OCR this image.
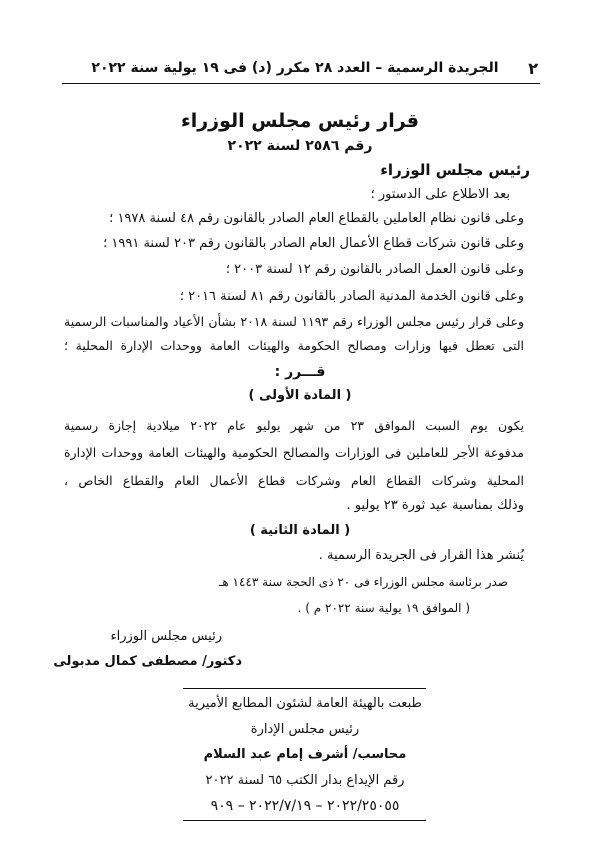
٢
الجريدة الرسمية – العدد ٢٨ مكرر (د) فى ١٩ يولية سنة ٢٠٢٢
قرار رئيس مجلس الوزراء
رقم ٢٥٨٦ لسنة ٢٠٢٢
رئيس مجلس الوزراء
بعد الاطلاع على الدستور ؛
وعلى قانون نظام العاملين بالقطاع العام الصادر بالقانون رقم ٤٨ لسنة ١٩٧٨ ؛
وعلى قانون شركات قطاع الأعمال العام الصادر بالقانون رقم ٢٠٣ لسنة ١٩٩١ ؛
وعلى قانون العمل الصادر بالقانون رقم ١٢ لسنة ٢٠٠٣ ؛
وعلى قانون الخدمة المدنية الصادر بالقانون رقم ٨١ لسنة ٢٠١٦ ؛
وعلى قرار رئيس مجلس الوزراء رقم ١١٩٣ لسنة ٢٠١٨ بشأن الأعياد والمناسبات الرسمية
التى تعطل فيها وزارات ومصالح الحكومة والهيئات العامة ووحدات الإدارة المحلية ؛
قـــرر :
( المادة الأولى )
يكون يوم السبت الموافق ٢٣ من شهر يوليو عام ٢٠٢٢ ميلادية إجازة رسمية
مدفوعة الأجر للعاملين فى الوزارات والمصالح الحكومية والهيئات العامة ووحدات الإدارة
المحلية وشركات القطاع العام وشركات قطاع الأعمال العام والقطاع الخاص ،
وذلك بمناسبة عيد ثورة ٢٣ يوليو .
( المادة الثانية )
يُنشر هذا القرار فى الجريدة الرسمية .
صدر برئاسة مجلس الوزراء فى ٢٠ ذى الحجة سنة ١٤٤٣ هـ
( الموافق ١٩ يولية سنة ٢٠٢٢ م ) .
رئيس مجلس الوزراء
دكتور/ مصطفى كمال مدبولى
طبعت بالهيئة العامة لشئون المطابع الأميرية
رئيس مجلس الإدارة
محاسب/ أشرف إمام عبد السلام
رقم الإيداع بدار الكتب ٦٥ لسنة ٢٠٢٢
٢٠٢٢/٢٥٠٥٥ – ٢٠٢٢/٧/١٩ – ٩٠٩
